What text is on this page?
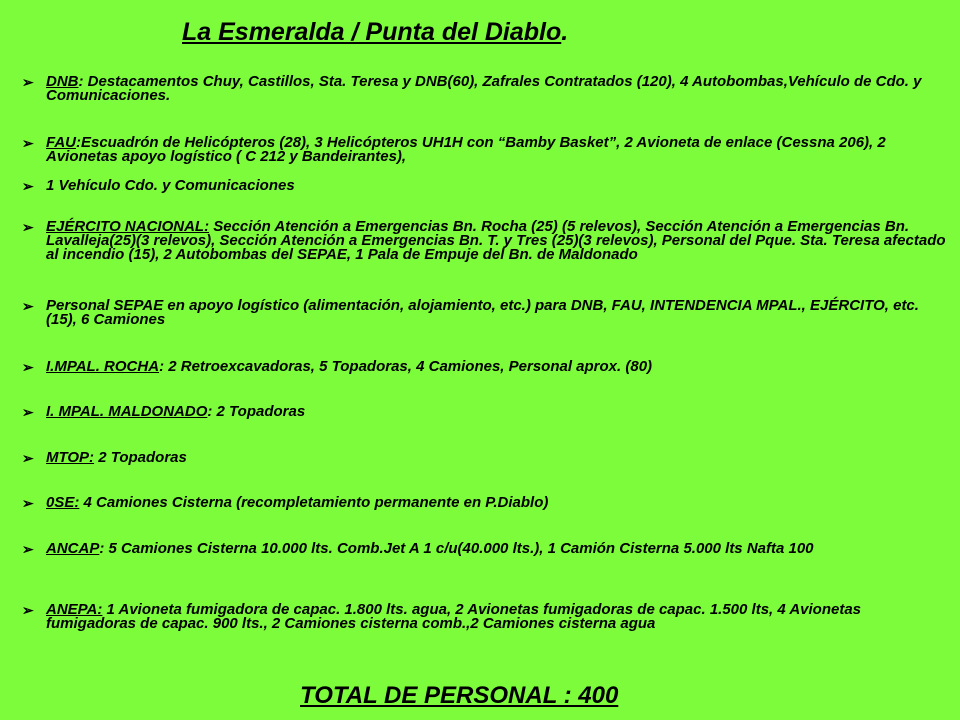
La Esmeralda / Punta del Diablo.
➢ DNB: Destacamentos Chuy, Castillos, Sta. Teresa y DNB(60), Zafrales Contratados (120), 4 Autobombas,Vehículo de Cdo. y Comunicaciones.
➢ FAU:Escuadrón de Helicópteros (28), 3 Helicópteros UH1H con “Bamby Basket”, 2 Avioneta de enlace (Cessna 206), 2 Avionetas apoyo logístico ( C 212 y Bandeirantes),
➢ 1 Vehículo Cdo. y Comunicaciones
➢ EJÉRCITO NACIONAL: Sección Atención a Emergencias Bn. Rocha (25) (5 relevos), Sección Atención a Emergencias Bn. Lavalleja(25)(3 relevos), Sección Atención a Emergencias Bn. T. y Tres (25)(3 relevos), Personal del Pque. Sta. Teresa afectado al incendio (15), 2 Autobombas del SEPAE, 1 Pala de Empuje del Bn. de Maldonado
➢ Personal SEPAE en apoyo logístico (alimentación, alojamiento, etc.) para DNB, FAU, INTENDENCIA MPAL., EJÉRCITO, etc.(15), 6 Camiones
➢ I.MPAL. ROCHA: 2 Retroexcavadoras, 5 Topadoras, 4 Camiones, Personal aprox. (80)
➢ I. MPAL. MALDONADO: 2 Topadoras
➢ MTOP: 2 Topadoras
➢ 0SE: 4 Camiones Cisterna (recompletamiento permanente en P.Diablo)
➢ ANCAP: 5 Camiones Cisterna 10.000 lts. Comb.Jet A 1 c/u(40.000 lts.), 1 Camión Cisterna 5.000 lts Nafta 100
➢ ANEPA: 1 Avioneta fumigadora de capac. 1.800 lts. agua, 2 Avionetas fumigadoras de capac. 1.500 lts, 4 Avionetas fumigadoras de capac. 900 lts., 2 Camiones cisterna comb.,2 Camiones cisterna agua
TOTAL DE PERSONAL : 400
